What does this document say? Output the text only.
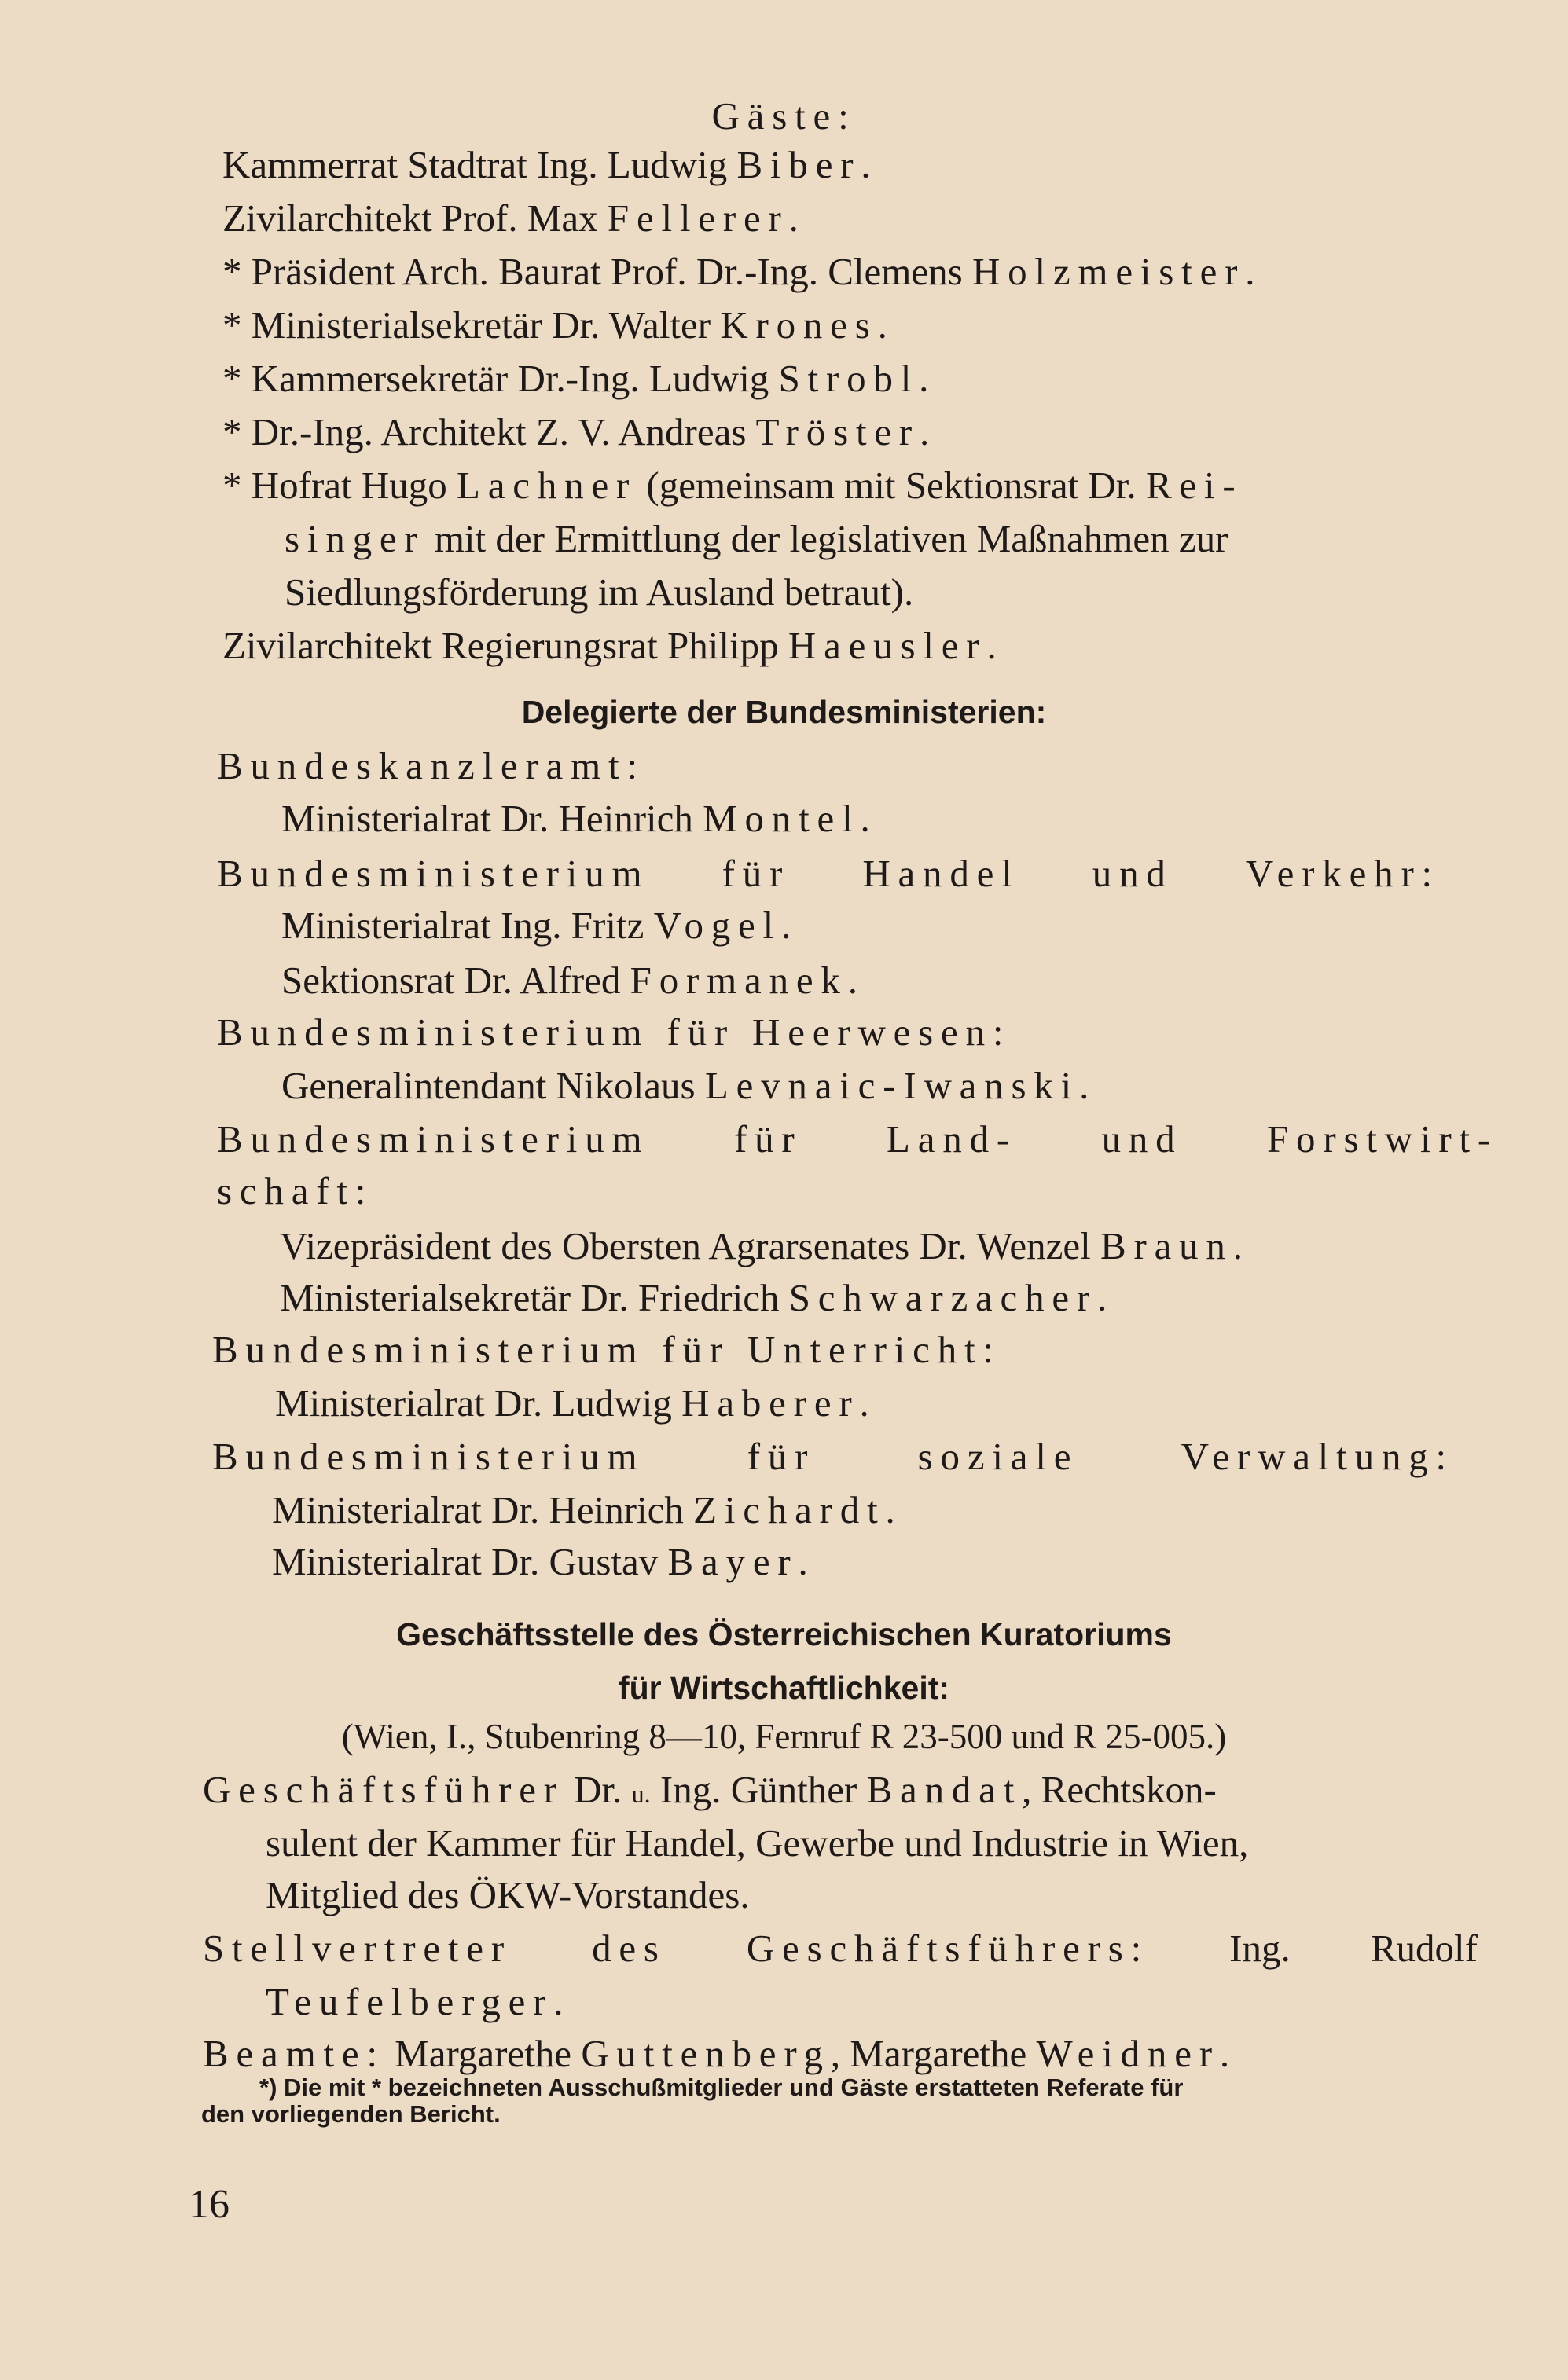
Gäste:
Kammerrat Stadtrat Ing. Ludwig Biber.
Zivilarchitekt Prof. Max Fellerer.
* Präsident Arch. Baurat Prof. Dr.-Ing. Clemens Holzmeister.
* Ministerialsekretär Dr. Walter Krones.
* Kammersekretär Dr.-Ing. Ludwig Strobl.
* Dr.-Ing. Architekt Z. V. Andreas Tröster.
* Hofrat Hugo Lachner (gemeinsam mit Sektionsrat Dr. Rei-
singer mit der Ermittlung der legislativen Maßnahmen zur
Siedlungsförderung im Ausland betraut).
Zivilarchitekt Regierungsrat Philipp Haeusler.
Delegierte der Bundesministerien:
Bundeskanzleramt:
Ministerialrat Dr. Heinrich Montel.
Bundesministerium für Handel und Verkehr:
Ministerialrat Ing. Fritz Vogel.
Sektionsrat Dr. Alfred Formanek.
Bundesministerium für Heerwesen:
Generalintendant Nikolaus Levnaic-Iwanski.
Bundesministerium für Land- und Forstwirt-
schaft:
Vizepräsident des Obersten Agrarsenates Dr. Wenzel Braun.
Ministerialsekretär Dr. Friedrich Schwarzacher.
Bundesministerium für Unterricht:
Ministerialrat Dr. Ludwig Haberer.
Bundesministerium	für	soziale	Verwaltung:
Ministerialrat Dr. Heinrich Zichardt.
Ministerialrat Dr. Gustav Bayer.
Geschäftsstelle des Österreichischen Kuratoriums
für Wirtschaftlichkeit:
(Wien, I., Stubenring 8—10, Fernruf R 23-500 und R 25-005.)
Geschäftsführer Dr. u. Ing. Günther Bandat, Rechtskon-
sulent der Kammer für Handel, Gewerbe und Industrie in Wien,
Mitglied des ÖKW-Vorstandes.
Stellvertreter des Geschäftsführers: Ing. Rudolf
Teufelberger.
Beamte: Margarethe Guttenberg, Margarethe Weidner.
*) Die mit * bezeichneten Ausschußmitglieder und Gäste erstatteten Referate für
den vorliegenden Bericht.
16
